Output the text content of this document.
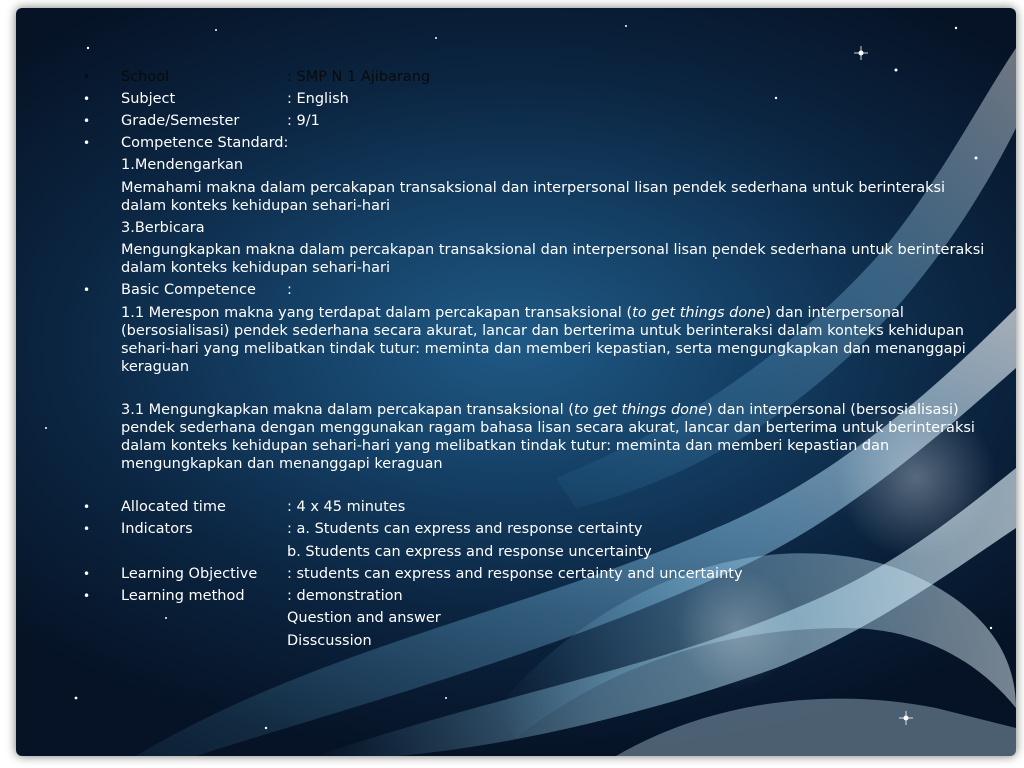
• School	: SMP N 1 Ajibarang
• Subject	: English
• Grade/Semester	: 9/1
• Competence Standard:
1.Mendengarkan
Memahami makna dalam percakapan transaksional dan interpersonal lisan pendek sederhana untuk berinteraksi dalam konteks kehidupan sehari-hari
3.Berbicara
Mengungkapkan makna dalam percakapan transaksional dan interpersonal lisan pendek sederhana untuk berinteraksi dalam konteks kehidupan sehari-hari
• Basic Competence :
1.1 Merespon makna yang terdapat dalam percakapan transaksional (to get things done) dan interpersonal (bersosialisasi) pendek sederhana secara akurat, lancar dan berterima untuk berinteraksi dalam konteks kehidupan sehari-hari yang melibatkan tindak tutur: meminta dan memberi kepastian, serta mengungkapkan dan menanggapi keraguan
3.1 Mengungkapkan makna dalam percakapan transaksional (to get things done) dan interpersonal (bersosialisasi) pendek sederhana dengan menggunakan ragam bahasa lisan secara akurat, lancar dan berterima untuk berinteraksi dalam konteks kehidupan sehari-hari yang melibatkan tindak tutur: meminta dan memberi kepastian dan mengungkapkan dan menanggapi keraguan
• Allocated time	: 4 x 45 minutes
• Indicators	: a. Students can express and response certainty
b. Students can express and response uncertainty
• Learning Objective : students can express and response certainty and uncertainty
• Learning method	: demonstration
Question and answer
Disscussion
